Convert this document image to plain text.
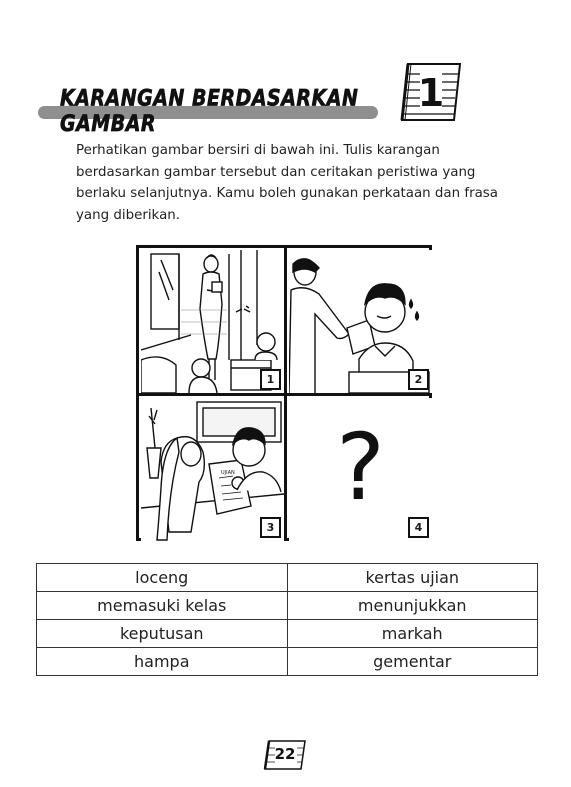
KARANGAN BERDASARKAN GAMBAR
1

Perhatikan gambar bersiri di bawah ini. Tulis karangan berdasarkan gambar tersebut dan ceritakan peristiwa yang berlaku selanjutnya. Kamu boleh gunakan perkataan dan frasa yang diberikan.

1	2
UJIAN
3
?
4
loceng	kertas ujian
memasuki kelas	menunjukkan
keputusan	markah
hampa	gementar
22
